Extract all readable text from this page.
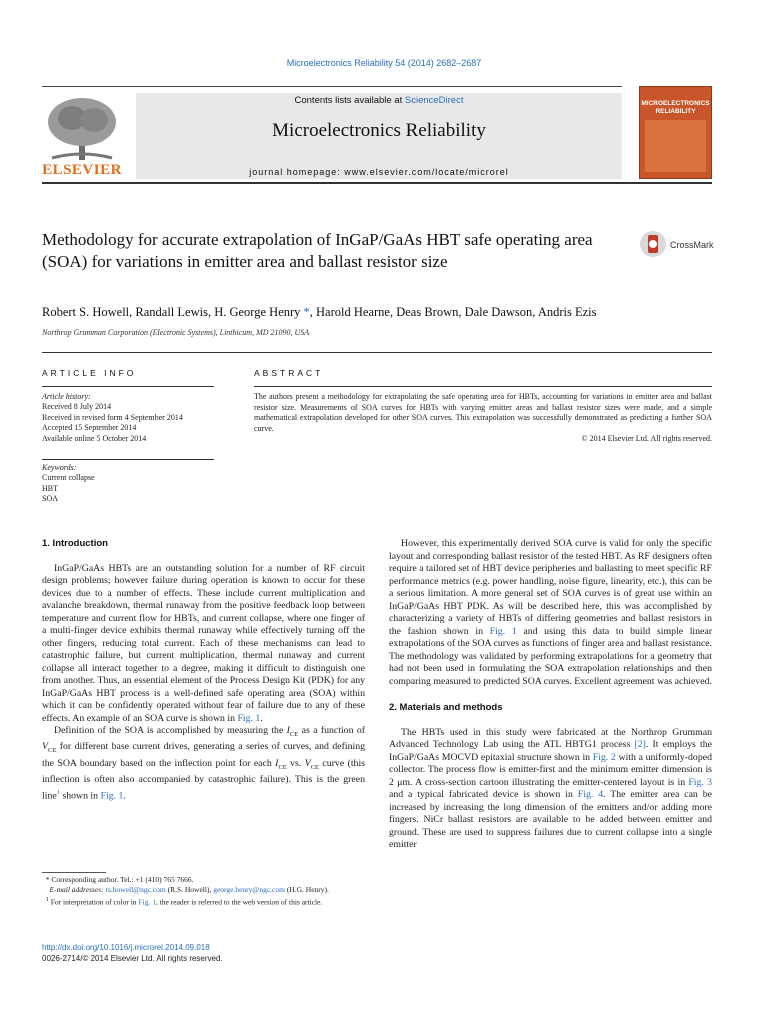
Microelectronics Reliability 54 (2014) 2682–2687
ELSEVIER
Contents lists available at ScienceDirect
Microelectronics Reliability
journal homepage: www.elsevier.com/locate/microrel
MICROELECTRONICS RELIABILITY
Methodology for accurate extrapolation of InGaP/GaAs HBT safe operating area (SOA) for variations in emitter area and ballast resistor size
CrossMark
Robert S. Howell, Randall Lewis, H. George Henry *, Harold Hearne, Deas Brown, Dale Dawson, Andris Ezis
Northrop Grumman Corporation (Electronic Systems), Linthicum, MD 21090, USA
ARTICLE INFO	ABSTRACT
Article history:
Received 8 July 2014
Received in revised form 4 September 2014
Accepted 15 September 2014
Available online 5 October 2014
Keywords:
Current collapse
HBT
SOA
The authors present a methodology for extrapolating the safe operating area for HBTs, accounting for variations in emitter area and ballast resistor size. Measurements of SOA curves for HBTs with varying emitter areas and ballast resistor sizes were made, and a simple mathematical extrapolation developed for other SOA curves. This extrapolation was successfully demonstrated as predicting a further SOA curve.
© 2014 Elsevier Ltd. All rights reserved.
1. Introduction

InGaP/GaAs HBTs are an outstanding solution for a number of RF circuit design problems; however failure during operation is known to occur for these devices due to a number of effects. These include current multiplication and avalanche breakdown, thermal runaway from the positive feedback loop between temperature and current flow for HBTs, and current collapse, where one finger of a multi-finger device exhibits thermal runaway while effectively turning off the other fingers, reducing total current. Each of these mechanisms can lead to catastrophic failure, but current multiplication, thermal runaway and current collapse all interact together to a degree, making it difficult to distinguish one from another. Thus, an essential element of the Process Design Kit (PDK) for any InGaP/GaAs HBT process is a well-defined safe operating area (SOA) within which it can be confidently operated without fear of failure due to any of these effects. An example of an SOA curve is shown in Fig. 1.

Definition of the SOA is accomplished by measuring the $I_{CE}$ as a function of $V_{CE}$ for different base current drives, generating a series of curves, and defining the SOA boundary based on the inflection point for each $I_{CE}$ vs. $V_{CE}$ curve (this inflection is often also accompanied by catastrophic failure). This is the green line$^1$ shown in Fig. 1.

However, this experimentally derived SOA curve is valid for only the specific layout and corresponding ballast resistor of the tested HBT. As RF designers often require a tailored set of HBT device peripheries and ballasting to meet specific RF performance metrics (e.g. power handling, noise figure, linearity, etc.), this can be a serious limitation. A more general set of SOA curves is of great use within an InGaP/GaAs HBT PDK. As will be described here, this was accomplished by characterizing a variety of HBTs of differing geometries and ballast resistors in the fashion shown in Fig. 1 and using this data to build simple linear extrapolations of the SOA curves as functions of finger area and ballast resistance. The methodology was validated by performing extrapolations for a geometry that had not been used in formulating the SOA extrapolation relationships and then comparing measured to predicted SOA curves. Excellent agreement was achieved.

2. Materials and methods

The HBTs used in this study were fabricated at the Northrop Grumman Advanced Technology Lab using the ATL HBTG1 process [2]. It employs the InGaP/GaAs MOCVD epitaxial structure shown in Fig. 2 with a uniformly-doped collector. The process flow is emitter-first and the minimum emitter dimension is 2 μm. A cross-section cartoon illustrating the emitter-centered layout is in Fig. 3 and a typical fabricated device is shown in Fig. 4. The emitter area can be increased by increasing the long dimension of the emitters and/or adding more fingers. NiCr ballast resistors are available to be added between emitter and ground. These are used to suppress failures due to current collapse into a single emitter

* Corresponding author. Tel.: +1 (410) 765 7666.
E-mail addresses: rs.howell@ngc.com (R.S. Howell), george.henry@ngc.com (H.G. Henry).
$^1$ For interpretation of color in Fig. 1, the reader is referred to the web version of this article.
http://dx.doi.org/10.1016/j.microrel.2014.09.018
0026-2714/© 2014 Elsevier Ltd. All rights reserved.
